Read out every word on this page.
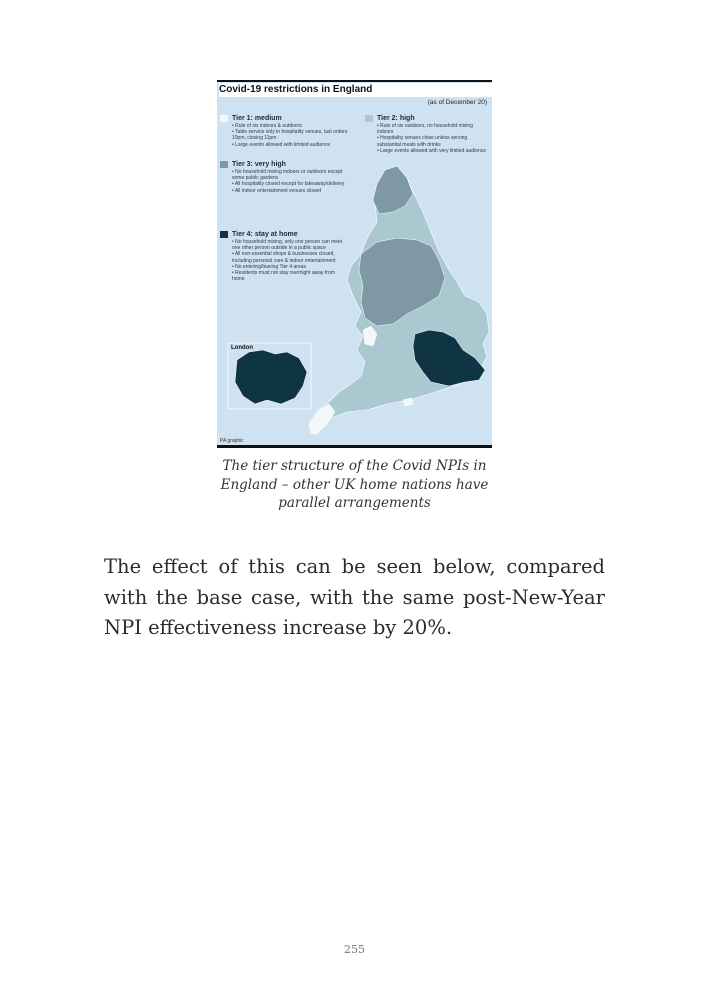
Covid-19 restrictions in England
(as of December 20)
Tier 1: medium
• Rule of six indoors & outdoors
• Table service only in hospitality venues, last orders 10pm, closing 11pm
• Large events allowed with limited audience
Tier 2: high
• Rule of six outdoors, no household mixing indoors
• Hospitality venues close unless serving substantial meals with drinks
• Large events allowed with very limited audience
Tier 3: very high
• No household mixing indoors or outdoors except some public gardens
• All hospitality closed except for takeaway/delivery
• All indoor entertainment venues closed
Tier 4: stay at home
• No household mixing, only one person can meet one other person outside in a public space
• All non-essential shops & businesses closed, including personal care & indoor entertainment
• No entering/leaving Tier 4 areas
• Residents must not stay overnight away from home
London
PA graphic
The tier structure of the Covid NPIs in England – other UK home nations have parallel arrangements
The effect of this can be seen below, compared with the base case, with the same post-New-Year NPI effectiveness increase by 20%.
255
